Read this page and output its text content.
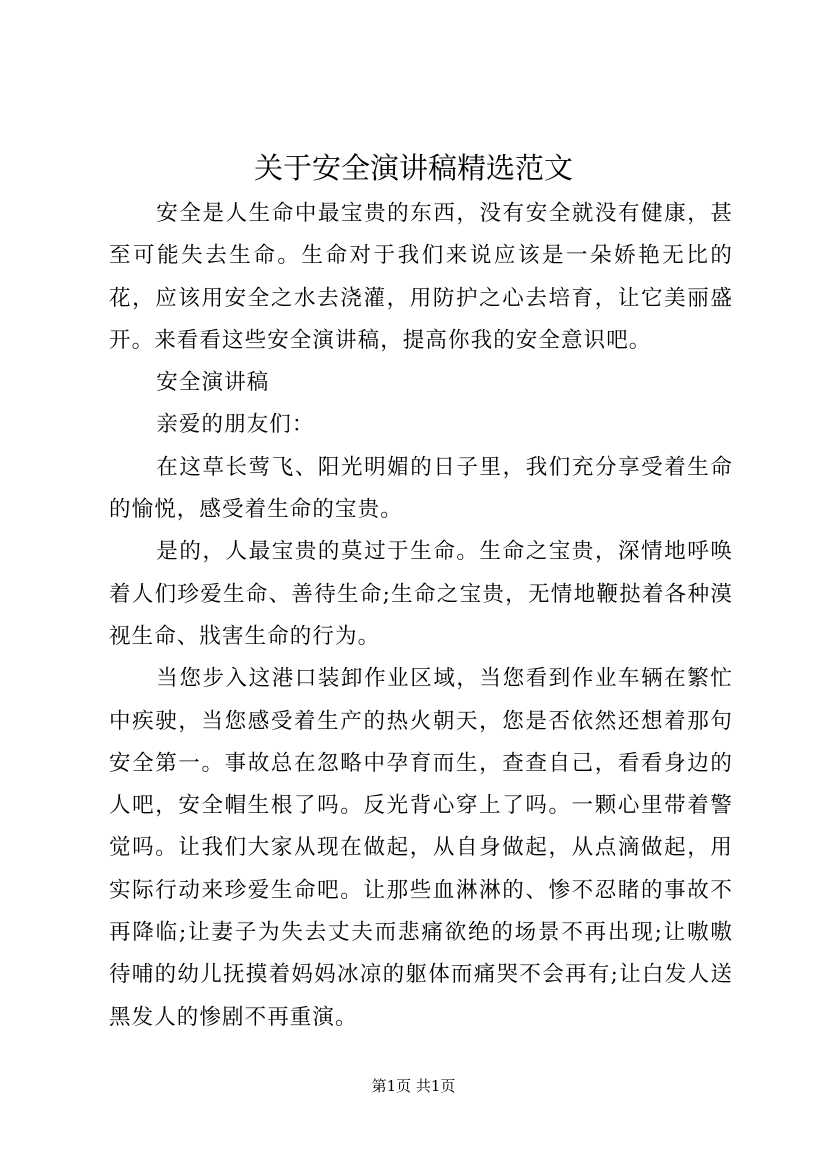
关于安全演讲稿精选范文

安全是人生命中最宝贵的东西，没有安全就没有健康，甚至可能失去生命。生命对于我们来说应该是一朵娇艳无比的花，应该用安全之水去浇灌，用防护之心去培育，让它美丽盛开。来看看这些安全演讲稿，提高你我的安全意识吧。

安全演讲稿

亲爱的朋友们：

在这草长莺飞、阳光明媚的日子里，我们充分享受着生命的愉悦，感受着生命的宝贵。

是的，人最宝贵的莫过于生命。生命之宝贵，深情地呼唤着人们珍爱生命、善待生命;生命之宝贵，无情地鞭挞着各种漠视生命、戕害生命的行为。

当您步入这港口装卸作业区域，当您看到作业车辆在繁忙中疾驶，当您感受着生产的热火朝天，您是否依然还想着那句安全第一。事故总在忽略中孕育而生，查查自己，看看身边的人吧，安全帽生根了吗。反光背心穿上了吗。一颗心里带着警觉吗。让我们大家从现在做起，从自身做起，从点滴做起，用实际行动来珍爱生命吧。让那些血淋淋的、惨不忍睹的事故不再降临;让妻子为失去丈夫而悲痛欲绝的场景不再出现;让嗷嗷待哺的幼儿抚摸着妈妈冰凉的躯体而痛哭不会再有;让白发人送黑发人的惨剧不再重演。

第1页 共1页
